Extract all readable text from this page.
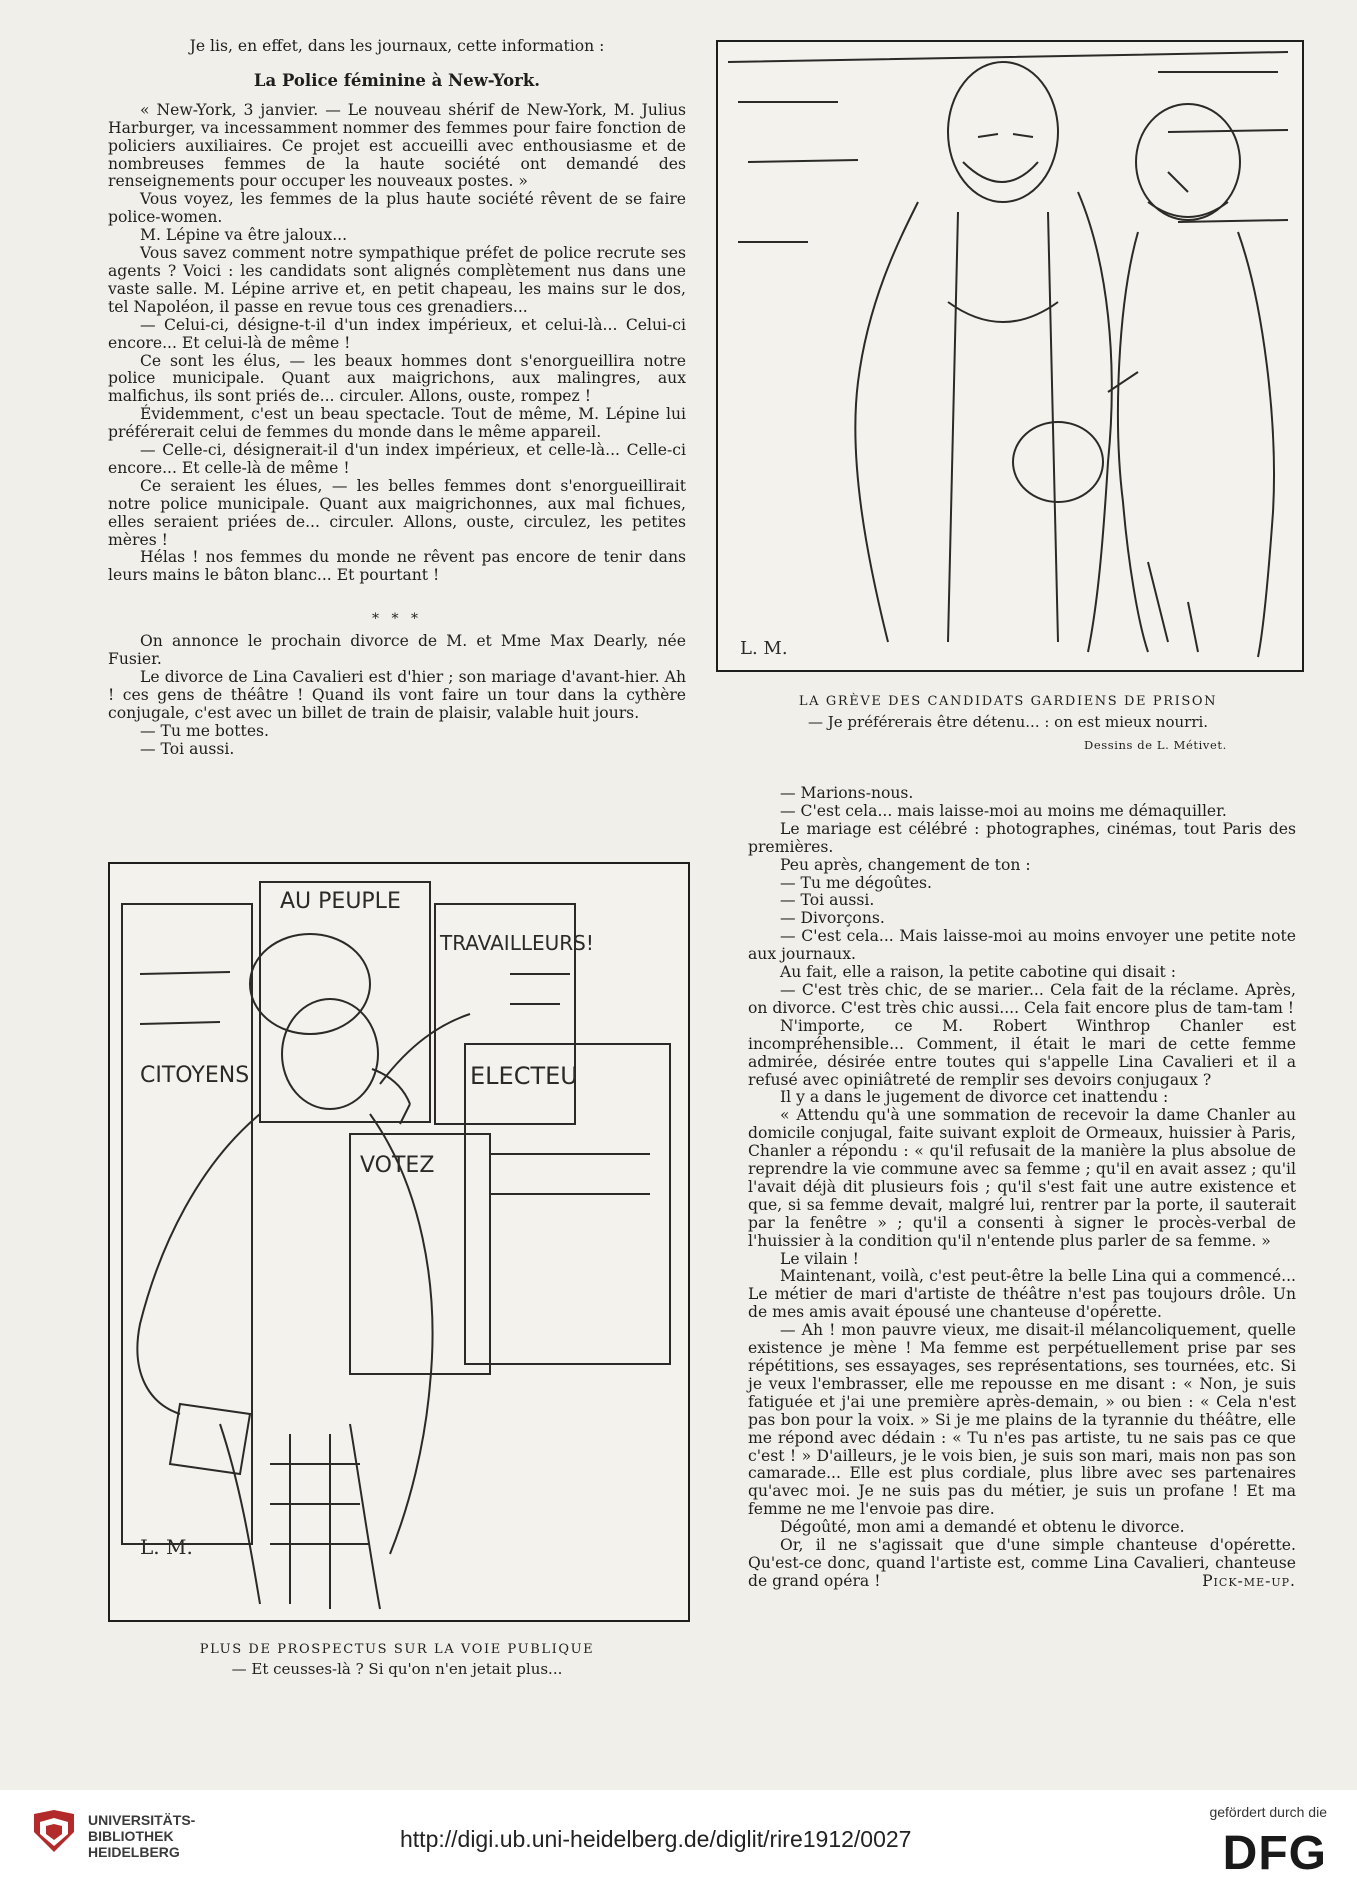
Je lis, en effet, dans les journaux, cette information :

La Police féminine à New-York.

« New-York, 3 janvier. — Le nouveau shérif de New-York, M. Julius Harburger, va incessamment nommer des femmes pour faire fonction de policiers auxiliaires. Ce projet est accueilli avec enthousiasme et de nombreuses femmes de la haute société ont demandé des renseignements pour occuper les nouveaux postes. »

Vous voyez, les femmes de la plus haute société rêvent de se faire police-women.

M. Lépine va être jaloux...

Vous savez comment notre sympathique préfet de police recrute ses agents ? Voici : les candidats sont alignés complètement nus dans une vaste salle. M. Lépine arrive et, en petit chapeau, les mains sur le dos, tel Napoléon, il passe en revue tous ces grenadiers...

— Celui-ci, désigne-t-il d'un index impérieux, et celui-là... Celui-ci encore... Et celui-là de même !

Ce sont les élus, — les beaux hommes dont s'enorgueillira notre police municipale. Quant aux maigrichons, aux malingres, aux malfichus, ils sont priés de... circuler. Allons, ouste, rompez !

Évidemment, c'est un beau spectacle. Tout de même, M. Lépine lui préférerait celui de femmes du monde dans le même appareil.

— Celle-ci, désignerait-il d'un index impérieux, et celle-là... Celle-ci encore... Et celle-là de même !

Ce seraient les élues, — les belles femmes dont s'enorgueillirait notre police municipale. Quant aux maigrichonnes, aux mal fichues, elles seraient priées de... circuler. Allons, ouste, circulez, les petites mères !

Hélas ! nos femmes du monde ne rêvent pas encore de tenir dans leurs mains le bâton blanc... Et pourtant !

* * *

On annonce le prochain divorce de M. et Mme Max Dearly, née Fusier.

Le divorce de Lina Cavalieri est d'hier ; son mariage d'avant-hier. Ah ! ces gens de théâtre ! Quand ils vont faire un tour dans la cythère conjugale, c'est avec un billet de train de plaisir, valable huit jours.

— Tu me bottes.

— Toi aussi.

L. M.
LA GRÈVE DES CANDIDATS GARDIENS DE PRISON
— Je préférerais être détenu... : on est mieux nourri.
Dessins de L. Métivet.
CITOYENS
AU PEUPLE
TRAVAILLEURS!
ELECTEU
VOTEZ
L. M.
PLUS DE PROSPECTUS SUR LA VOIE PUBLIQUE
— Et ceusses-là ? Si qu'on n'en jetait plus...

— Marions-nous.

— C'est cela... mais laisse-moi au moins me démaquiller.

Le mariage est célébré : photographes, cinémas, tout Paris des premières.

Peu après, changement de ton :

— Tu me dégoûtes.

— Toi aussi.

— Divorçons.

— C'est cela... Mais laisse-moi au moins envoyer une petite note aux journaux.

Au fait, elle a raison, la petite cabotine qui disait :

— C'est très chic, de se marier... Cela fait de la réclame. Après, on divorce. C'est très chic aussi.... Cela fait encore plus de tam-tam !

N'importe, ce M. Robert Winthrop Chanler est incompréhensible... Comment, il était le mari de cette femme admirée, désirée entre toutes qui s'appelle Lina Cavalieri et il a refusé avec opiniâtreté de remplir ses devoirs conjugaux ?

Il y a dans le jugement de divorce cet inattendu :

« Attendu qu'à une sommation de recevoir la dame Chanler au domicile conjugal, faite suivant exploit de Ormeaux, huissier à Paris, Chanler a répondu : « qu'il refusait de la manière la plus absolue de reprendre la vie commune avec sa femme ; qu'il en avait assez ; qu'il l'avait déjà dit plusieurs fois ; qu'il s'est fait une autre existence et que, si sa femme devait, malgré lui, rentrer par la porte, il sauterait par la fenêtre » ; qu'il a consenti à signer le procès-verbal de l'huissier à la condition qu'il n'entende plus parler de sa femme. »

Le vilain !

Maintenant, voilà, c'est peut-être la belle Lina qui a commencé... Le métier de mari d'artiste de théâtre n'est pas toujours drôle. Un de mes amis avait épousé une chanteuse d'opérette.

— Ah ! mon pauvre vieux, me disait-il mélancoliquement, quelle existence je mène ! Ma femme est perpétuellement prise par ses répétitions, ses essayages, ses représentations, ses tournées, etc. Si je veux l'embrasser, elle me repousse en me disant : « Non, je suis fatiguée et j'ai une première après-demain, » ou bien : « Cela n'est pas bon pour la voix. » Si je me plains de la tyrannie du théâtre, elle me répond avec dédain : « Tu n'es pas artiste, tu ne sais pas ce que c'est ! » D'ailleurs, je le vois bien, je suis son mari, mais non pas son camarade... Elle est plus cordiale, plus libre avec ses partenaires qu'avec moi. Je ne suis pas du métier, je suis un profane ! Et ma femme ne me l'envoie pas dire.

Dégoûté, mon ami a demandé et obtenu le divorce.

Or, il ne s'agissait que d'une simple chanteuse d'opérette. Qu'est-ce donc, quand l'artiste est, comme Lina Cavalieri, chanteuse de grand opéra !	Pick-me-up.

UNIVERSITÄTS-
BIBLIOTHEK
HEIDELBERG	http://digi.ub.uni-heidelberg.de/diglit/rire1912/0027
gefördert durch die
DFG
